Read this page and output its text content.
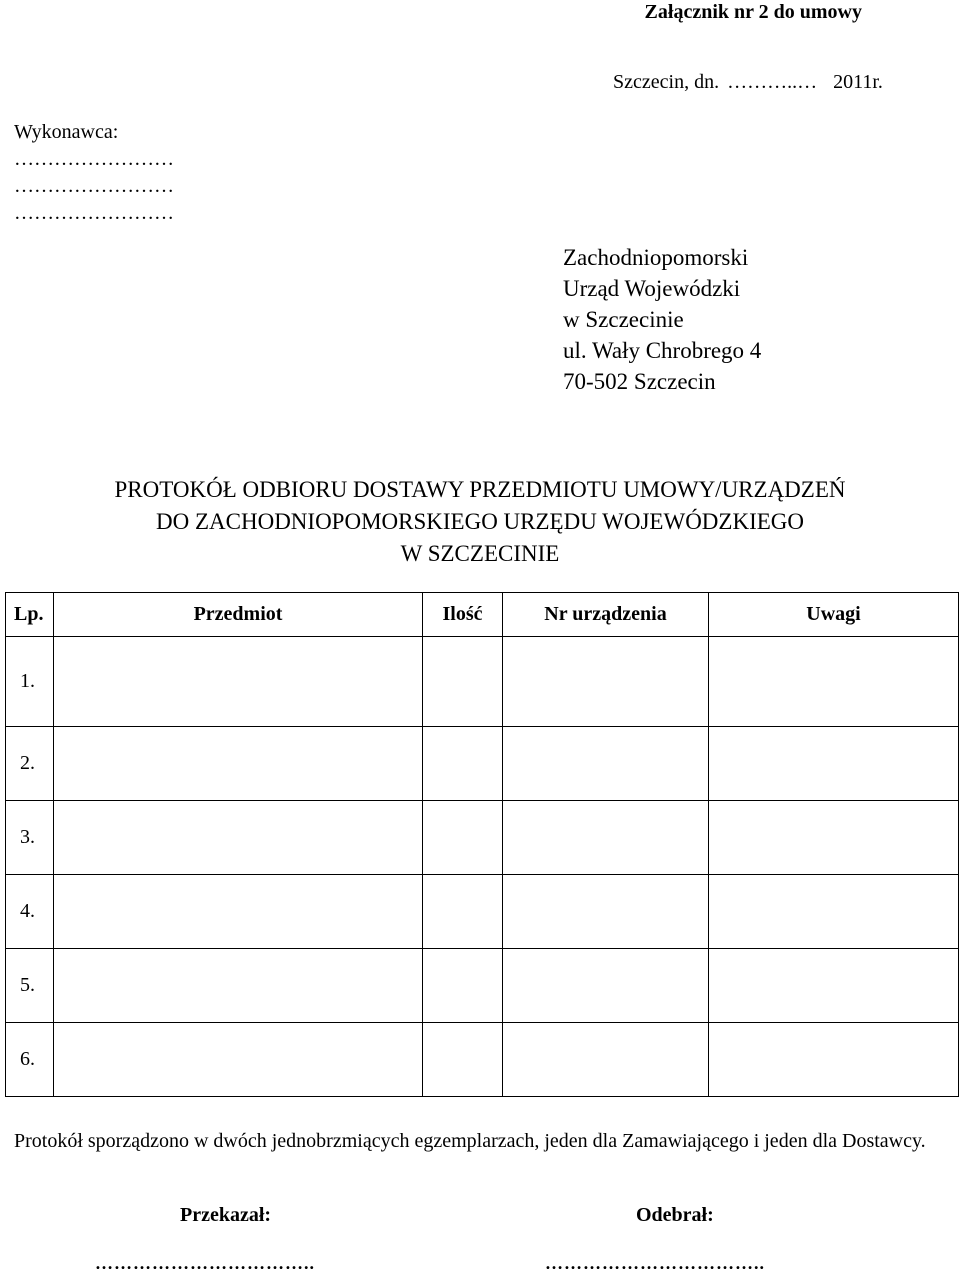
Załącznik nr 2 do umowy
Szczecin, dn. ………..… 2011r.
Wykonawca:
……………………
……………………
……………………
Zachodniopomorski
Urząd Wojewódzki
w Szczecinie
ul. Wały Chrobrego 4
70-502 Szczecin
PROTOKÓŁ ODBIORU DOSTAWY PRZEDMIOTU UMOWY/URZĄDZEŃ
DO ZACHODNIOPOMORSKIEGO URZĘDU WOJEWÓDZKIEGO
W SZCZECINIE
Lp.	Przedmiot	Ilość	Nr urządzenia	Uwagi
1.				
2.				
3.				
4.				
5.				
6.				
Protokół sporządzono w dwóch jednobrzmiących egzemplarzach, jeden dla Zamawiającego i jeden dla Dostawcy.
Przekazał:	Odebrał:
……………………………..	……………………………..
